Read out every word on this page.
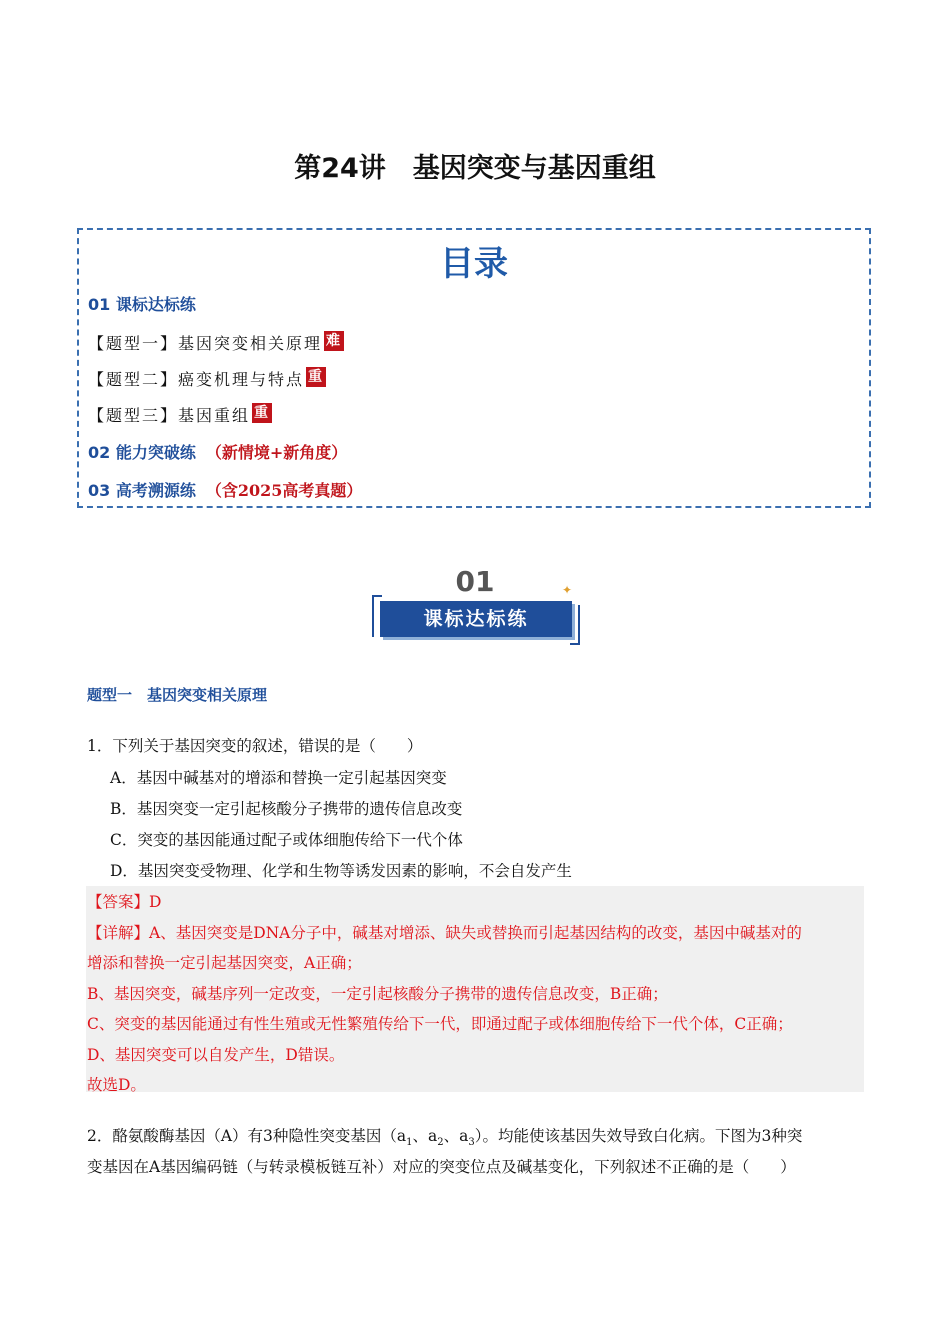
第24讲　基因突变与基因重组
目录
01 课标达标练
【题型一】基因突变相关原理 难
【题型二】癌变机理与特点 重
【题型三】基因重组 重
02 能力突破练 （新情境+新角度）
03 高考溯源练 （含2025高考真题）
01	✦
课标达标练
题型一　基因突变相关原理
1．下列关于基因突变的叙述，错误的是（　　）
A．基因中碱基对的增添和替换一定引起基因突变
B．基因突变一定引起核酸分子携带的遗传信息改变
C．突变的基因能通过配子或体细胞传给下一代个体
D．基因突变受物理、化学和生物等诱发因素的影响，不会自发产生
【答案】D
【详解】A、基因突变是DNA分子中，碱基对增添、缺失或替换而引起基因结构的改变，基因中碱基对的
增添和替换一定引起基因突变，A正确；
B、基因突变，碱基序列一定改变，一定引起核酸分子携带的遗传信息改变，B正确；
C、突变的基因能通过有性生殖或无性繁殖传给下一代，即通过配子或体细胞传给下一代个体，C正确；
D、基因突变可以自发产生，D错误。
故选D。
2．酪氨酸酶基因（A）有3种隐性突变基因（$a_1$、$a_2$、$a_3$）。均能使该基因失效导致白化病。下图为3种突
变基因在A基因编码链（与转录模板链互补）对应的突变位点及碱基变化，下列叙述不正确的是（　　）
